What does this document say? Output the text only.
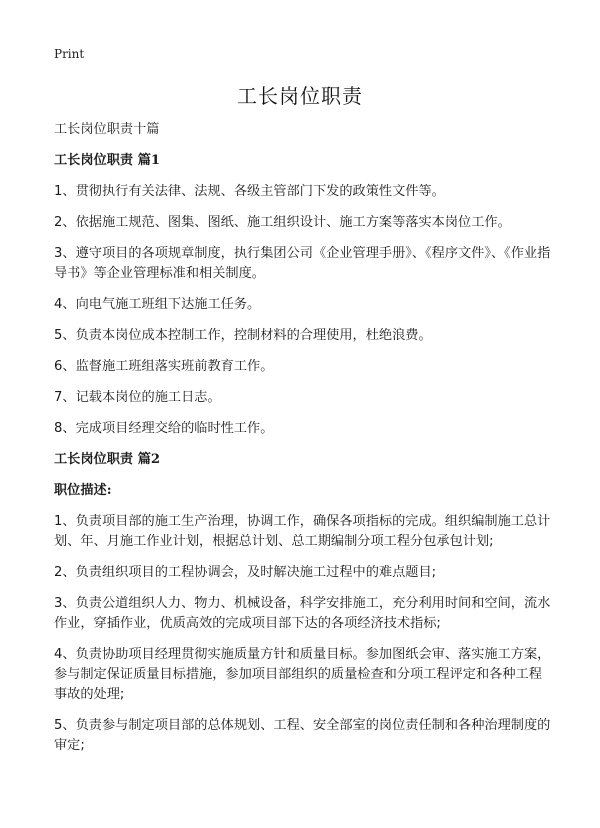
Print
工长岗位职责
工长岗位职责十篇
工长岗位职责 篇1
1、贯彻执行有关法律、法规、各级主管部门下发的政策性文件等。
2、依据施工规范、图集、图纸、施工组织设计、施工方案等落实本岗位工作。
3、遵守项目的各项规章制度，执行集团公司《企业管理手册》、《程序文件》、《作业指导书》等企业管理标准和相关制度。
4、向电气施工班组下达施工任务。
5、负责本岗位成本控制工作，控制材料的合理使用，杜绝浪费。
6、监督施工班组落实班前教育工作。
7、记载本岗位的施工日志。
8、完成项目经理交给的临时性工作。
工长岗位职责 篇2
职位描述:
1、负责项目部的施工生产治理，协调工作，确保各项指标的完成。组织编制施工总计划、年、月施工作业计划，根据总计划、总工期编制分项工程分包承包计划;
2、负责组织项目的工程协调会，及时解决施工过程中的难点题目;
3、负责公道组织人力、物力、机械设备，科学安排施工，充分利用时间和空间，流水作业，穿插作业，优质高效的完成项目部下达的各项经济技术指标;
4、负责协助项目经理贯彻实施质量方针和质量目标。参加图纸会审、落实施工方案，参与制定保证质量目标措施，参加项目部组织的质量检查和分项工程评定和各种工程事故的处理;
5、负责参与制定项目部的总体规划、工程、安全部室的岗位责任制和各种治理制度的审定;
